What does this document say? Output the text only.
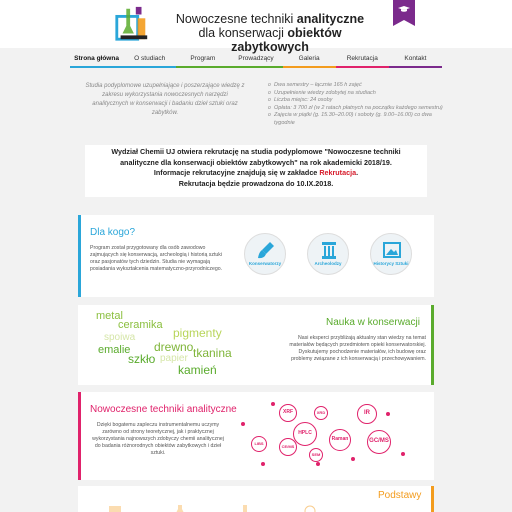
Nowoczesne techniki analityczne
dla konserwacji obiektów zabytkowych
Strona główna	O studiach	Program	Prowadzący	Galeria	Rekrutacja	Kontakt

Studia podyplomowe uzupełniające i poszerzające wiedzę z zakresu wykorzystania nowoczesnych narzędzi analitycznych w konserwacji i badaniu dzieł sztuki oraz zabytków.

o Dwa semestry – łącznie 165 h zajęć
o Uzupełnienie wiedzy zdobytej na studiach
o Liczba miejsc: 24 osoby
o Opłata: 3 700 zł (w 2 ratach płatnych na początku każdego semestru)
o Zajęcia w piątki (g. 15.30–20.00) i soboty (g. 9.00–16.00) co dwa tygodnie
Wydział Chemii UJ otwiera rekrutację na studia podyplomowe "Nowoczesne techniki
analityczne dla konserwacji obiektów zabytkowych" na rok akademicki 2018/19.
Informacje rekrutacyjne znajdują się w zakładce Rekrutacja.
Rekrutacja będzie prowadzona do 10.IX.2018.
Dla kogo?
Program został przygotowany dla osób zawodowo zajmujących się konserwacją, archeologią i historią sztuki oraz pasjonatów tych dziedzin. Studia nie wymagają posiadania wykształcenia matematyczno-przyrodniczego.
Konserwatorzy	Archeolodzy	Historycy Sztuki
metal
ceramika
pigmenty
spoiwa
drewno
emalie	tkanina
szkło papier
kamień
Nauka w konserwacji
Nasi eksperci przybliżają aktualny stan wiedzy na temat materiałów będących przedmiotem opieki konserwatorskiej. Dyskutujemy pochodzenie materiałów, ich budowę oraz problemy związane z ich konserwacją i przechowywaniem.
Nowoczesne techniki analityczne
Dzięki bogatemu zapleczu instrumentalnemu uczymy zarówno od strony teoretycznej, jak i praktycznej wykorzystania najnowszych zdobyczy chemii analitycznej do badania różnorodnych obiektów zabytkowych i dzieł sztuki.
XRF	XRD	IR
HPLC
Raman
LIBS
CE/MS
SEM
GC/MS
Podstawy
